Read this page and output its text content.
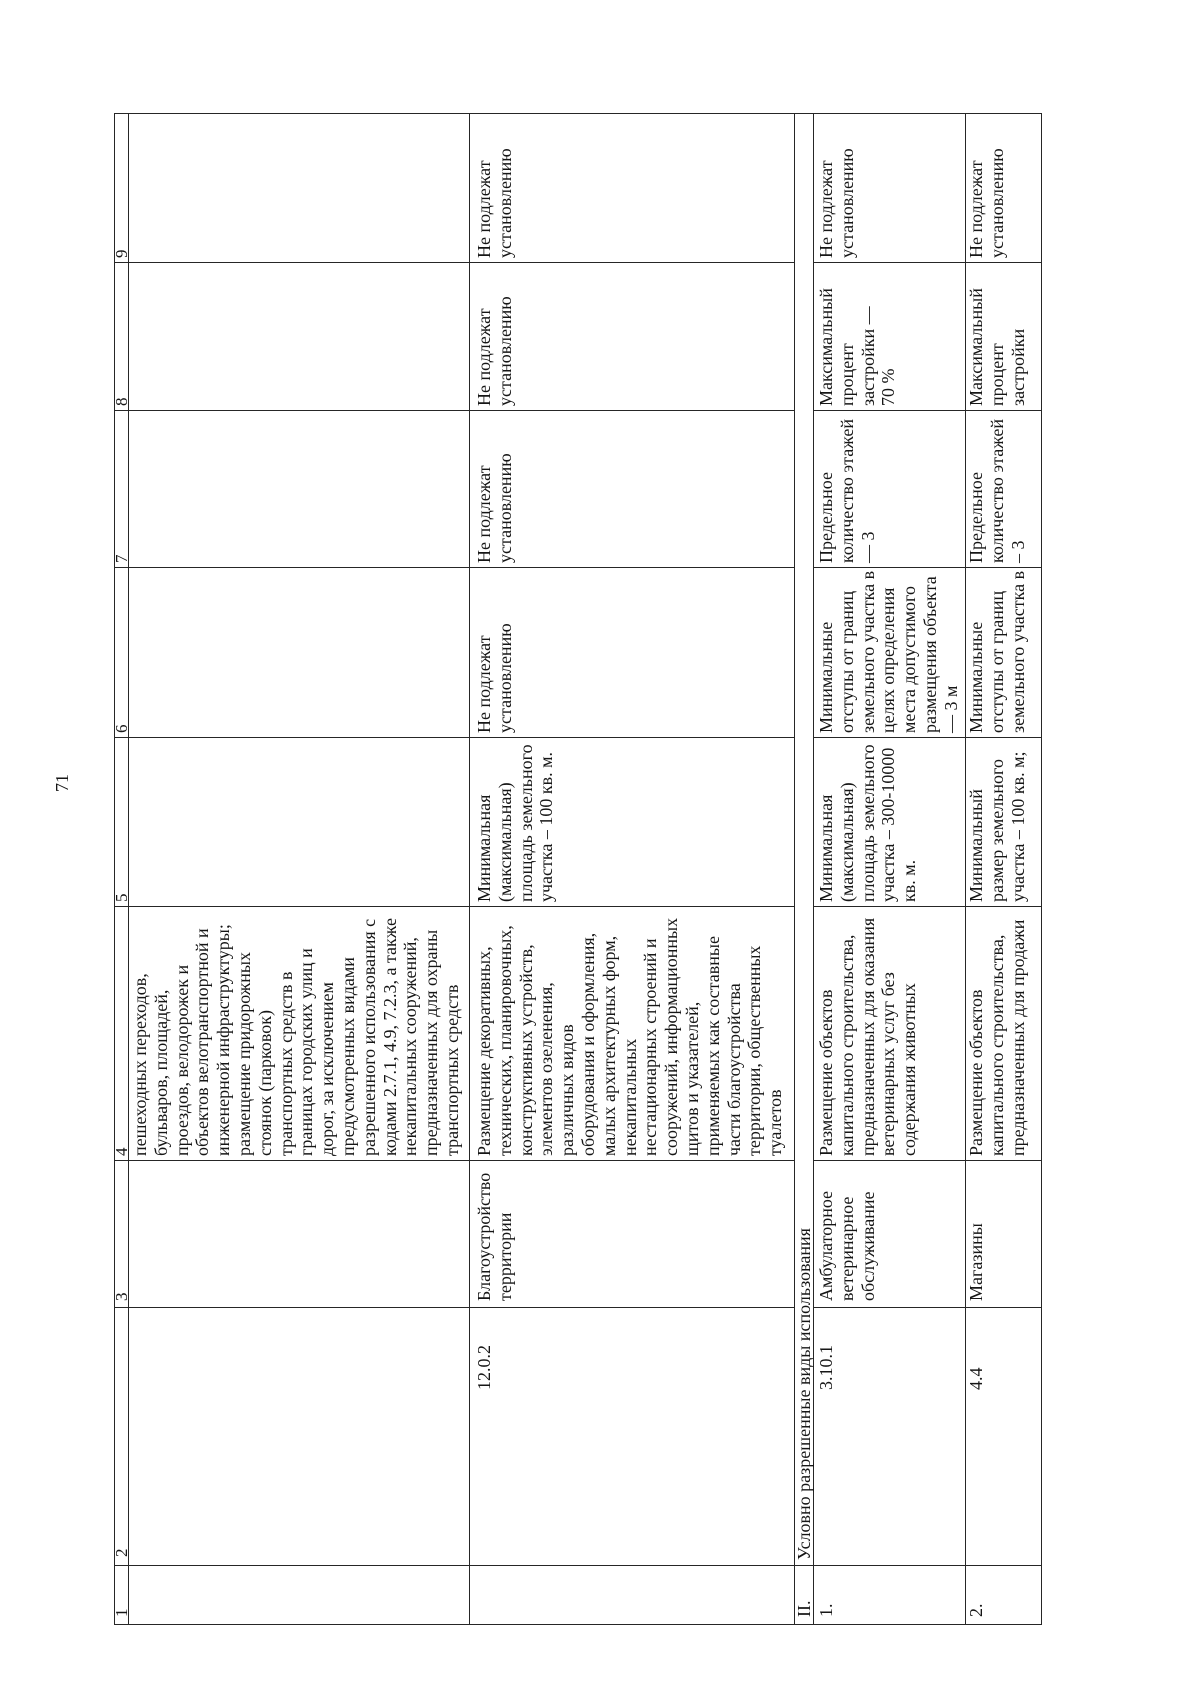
71
1
2
3
4
5
6
7
8
9
пешеходных переходов,
бульваров, площадей,
проездов, велодорожек и
объектов велотранспортной и
инженерной инфраструктуры;
размещение придорожных
стоянок (парковок)
транспортных средств в
границах городских улиц и
дорог, за исключением
предусмотренных видами
разрешенного использования с
кодами 2.7.1, 4.9, 7.2.3, а также
некапитальных сооружений,
предназначенных для охраны
транспортных средств
12.0.2
Благоустройство
территории
Размещение декоративных,
технических, планировочных,
конструктивных устройств,
элементов озеленения,
различных видов
оборудования и оформления,
малых архитектурных форм,
некапитальных
нестационарных строений и
сооружений, информационных
щитов и указателей,
применяемых как составные
части благоустройства
территории, общественных
туалетов
Минимальная
(максимальная)
площадь земельного
участка – 100 кв. м.
Не подлежат
установлению
Не подлежат
установлению
Не подлежат
установлению
Не подлежат
установлению
II.
Условно разрешенные виды использования
1.
3.10.1
Амбулаторное
ветеринарное
обслуживание
Размещение объектов
капитального строительства,
предназначенных для оказания
ветеринарных услуг без
содержания животных
Минимальная
(максимальная)
площадь земельного
участка – 300-10000
кв. м.
Минимальные
отступы от границ
земельного участка в
целях определения
места допустимого
размещения объекта
— 3 м
Предельное
количество этажей
— 3
Максимальный
процент
застройки —
70 %
Не подлежат
установлению
2.
4.4
Магазины
Размещение объектов
капитального строительства,
предназначенных для продажи
Минимальный
размер земельного
участка – 100 кв. м;
Минимальные
отступы от границ
земельного участка в
Предельное
количество этажей
– 3
Максимальный
процент
застройки
Не подлежат
установлению
